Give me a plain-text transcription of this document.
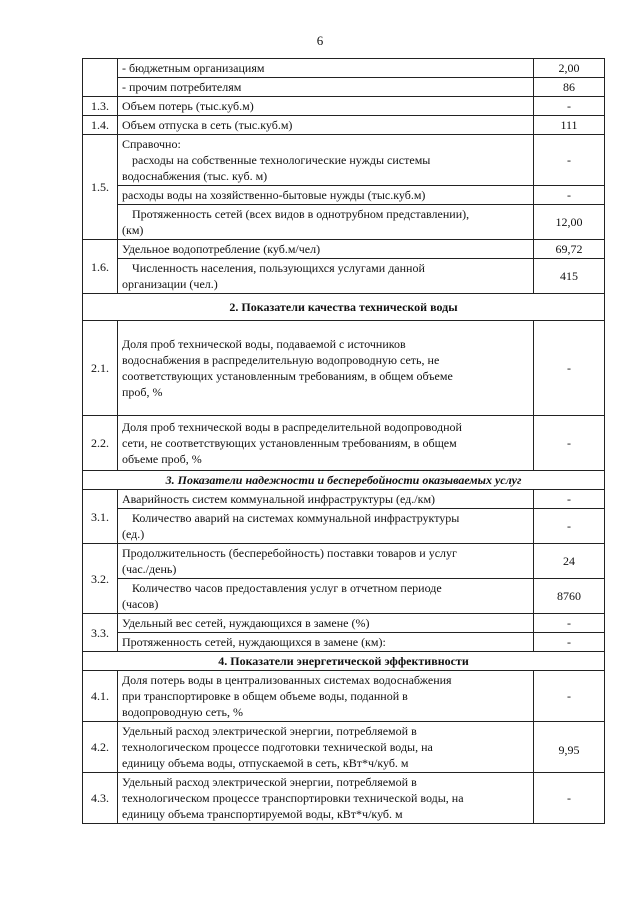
6
	- бюджетным организациям	2,00
	- прочим потребителям	86
1.3.	Объем потерь (тыс.куб.м)	-
1.4.	Объем отпуска в сеть (тыс.куб.м)	111
1.5.	Справочно:
расходы на собственные технологические нужды системы
водоснабжения (тыс. куб. м)	-
	расходы воды на хозяйственно-бытовые нужды (тыс.куб.м)	-

	Протяженность сетей (всех видов в однотрубном представлении),
(км)	12,00
1.6.	Удельное водопотребление (куб.м/чел)	69,72

	Численность населения, пользующихся услугами данной
организации (чел.)	415
2. Показатели качества технической воды		
2.1.	Доля проб технической воды, подаваемой с источников
водоснабжения в распределительную водопроводную сеть, не
соответствующих установленным требованиям, в общем объеме
проб, %	-
2.2.	Доля проб технической воды в распределительной водопроводной
сети, не соответствующих установленным требованиям, в общем
объеме проб, %	-
3. Показатели надежности и бесперебойности оказываемых услуг		
3.1.	Аварийность систем коммунальной инфраструктуры (ед./км)	-

	Количество аварий на системах коммунальной инфраструктуры
(ед.)	-
3.2.	Продолжительность (бесперебойность) поставки товаров и услуг
(час./день)	24

	Количество часов предоставления услуг в отчетном периоде
(часов)	8760
3.3.	Удельный вес сетей, нуждающихся в замене (%)	-
	Протяженность сетей, нуждающихся в замене (км):	-
4. Показатели энергетической эффективности		
4.1.	Доля потерь воды в централизованных системах водоснабжения
при транспортировке в общем объеме воды, поданной в
водопроводную сеть, %	-
4.2.	Удельный расход электрической энергии, потребляемой в
технологическом процессе подготовки технической воды, на
единицу объема воды, отпускаемой в сеть, кВт*ч/куб. м	9,95
4.3.	Удельный расход электрической энергии, потребляемой в
технологическом процессе транспортировки технической воды, на
единицу объема транспортируемой воды, кВт*ч/куб. м	-
